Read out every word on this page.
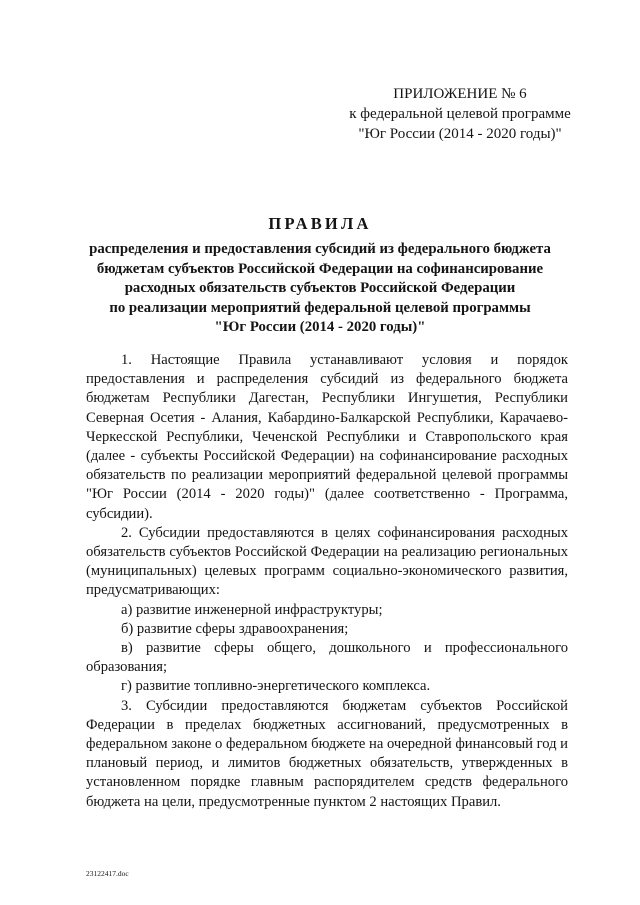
ПРИЛОЖЕНИЕ № 6
к федеральной целевой программе
"Юг России (2014 - 2020 годы)"
ПРАВИЛА
распределения и предоставления субсидий из федерального бюджета
бюджетам субъектов Российской Федерации на софинансирование
расходных обязательств субъектов Российской Федерации
по реализации мероприятий федеральной целевой программы
"Юг России (2014 - 2020 годы)"

1. Настоящие Правила устанавливают условия и порядок предоставления и распределения субсидий из федерального бюджета бюджетам Республики Дагестан, Республики Ингушетия, Республики Северная Осетия - Алания, Кабардино-Балкарской Республики, Карачаево-Черкесской Республики, Чеченской Республики и Ставропольского края (далее - субъекты Российской Федерации) на софинансирование расходных обязательств по реализации мероприятий федеральной целевой программы "Юг России (2014 - 2020 годы)" (далее соответственно - Программа, субсидии).

2. Субсидии предоставляются в целях софинансирования расходных обязательств субъектов Российской Федерации на реализацию региональных (муниципальных) целевых программ социально-экономического развития, предусматривающих:

а) развитие инженерной инфраструктуры;

б) развитие сферы здравоохранения;

в) развитие сферы общего, дошкольного и профессионального образования;

г) развитие топливно-энергетического комплекса.

3. Субсидии предоставляются бюджетам субъектов Российской Федерации в пределах бюджетных ассигнований, предусмотренных в федеральном законе о федеральном бюджете на очередной финансовый год и плановый период, и лимитов бюджетных обязательств, утвержденных в установленном порядке главным распорядителем средств федерального бюджета на цели, предусмотренные пунктом 2 настоящих Правил.

23122417.doc
